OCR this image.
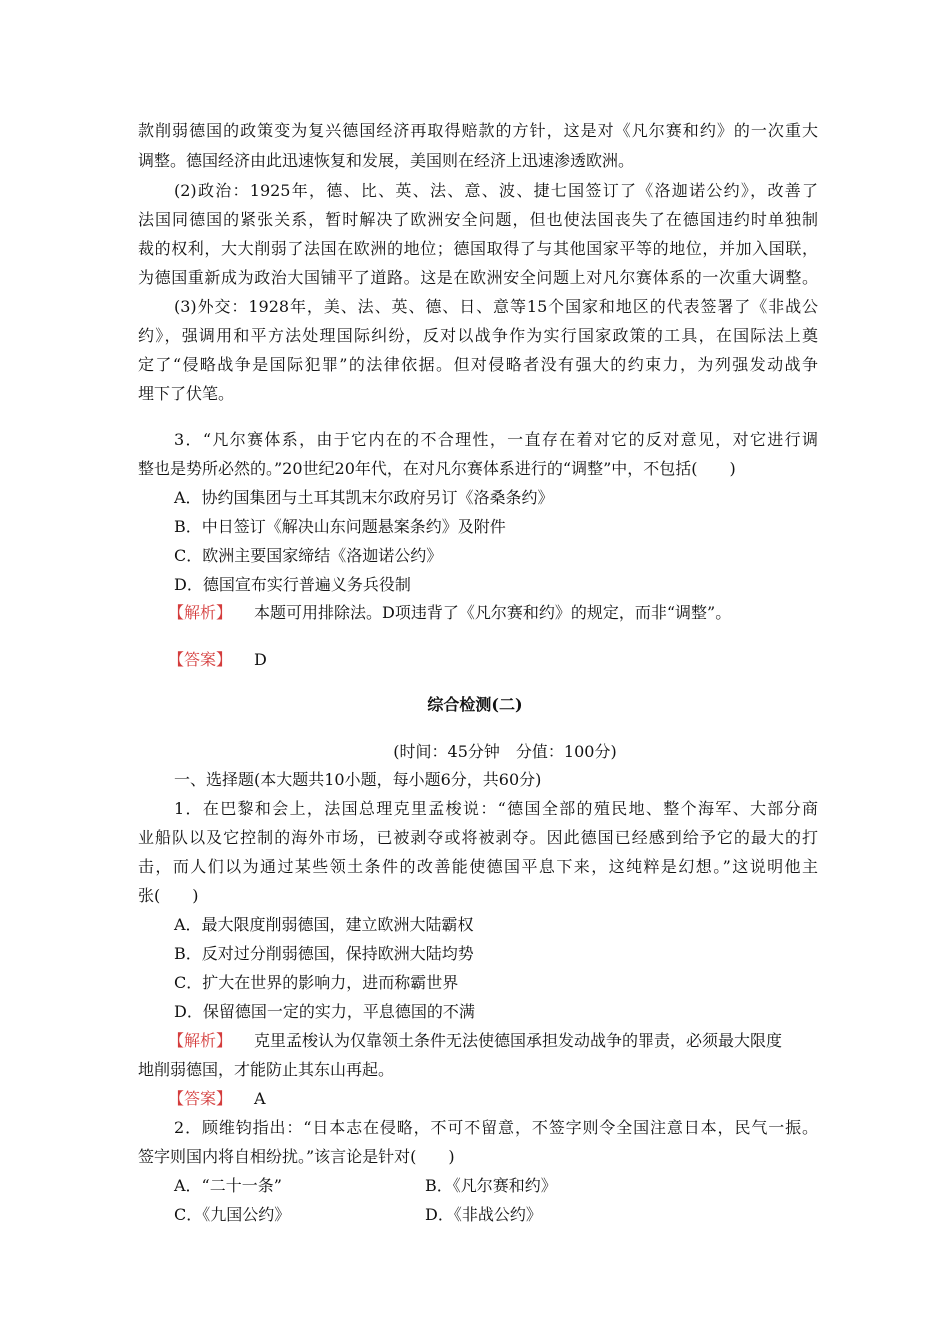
款削弱德国的政策变为复兴德国经济再取得赔款的方针，这是对《凡尔赛和约》的一次重大
调整。德国经济由此迅速恢复和发展，美国则在经济上迅速渗透欧洲。
(2)政治：1925年，德、比、英、法、意、波、捷七国签订了《洛迦诺公约》，改善了
法国同德国的紧张关系，暂时解决了欧洲安全问题，但也使法国丧失了在德国违约时单独制
裁的权利，大大削弱了法国在欧洲的地位；德国取得了与其他国家平等的地位，并加入国联，
为德国重新成为政治大国铺平了道路。这是在欧洲安全问题上对凡尔赛体系的一次重大调整。
(3)外交：1928年，美、法、英、德、日、意等15个国家和地区的代表签署了《非战公
约》，强调用和平方法处理国际纠纷，反对以战争作为实行国家政策的工具，在国际法上奠
定了“侵略战争是国际犯罪”的法律依据。但对侵略者没有强大的约束力，为列强发动战争
埋下了伏笔。
3．“凡尔赛体系，由于它内在的不合理性，一直存在着对它的反对意见，对它进行调
整也是势所必然的。”20世纪20年代，在对凡尔赛体系进行的“调整”中，不包括(　　)
A．协约国集团与土耳其凯末尔政府另订《洛桑条约》
B．中日签订《解决山东问题悬案条约》及附件
C．欧洲主要国家缔结《洛迦诺公约》
D．德国宣布实行普遍义务兵役制
【解析】 本题可用排除法。D项违背了《凡尔赛和约》的规定，而非“调整”。
【答案】 D
综合检测(二)
(时间：45分钟　分值：100分)
一、选择题(本大题共10小题，每小题6分，共60分)
1．在巴黎和会上，法国总理克里孟梭说：“德国全部的殖民地、整个海军、大部分商
业船队以及它控制的海外市场，已被剥夺或将被剥夺。因此德国已经感到给予它的最大的打
击，而人们以为通过某些领土条件的改善能使德国平息下来，这纯粹是幻想。”这说明他主
张(　　)
A．最大限度削弱德国，建立欧洲大陆霸权
B．反对过分削弱德国，保持欧洲大陆均势
C．扩大在世界的影响力，进而称霸世界
D．保留德国一定的实力，平息德国的不满
【解析】 克里孟梭认为仅靠领土条件无法使德国承担发动战争的罪责，必须最大限度
地削弱德国，才能防止其东山再起。
【答案】 A
2．顾维钧指出：“日本志在侵略，不可不留意，不签字则令全国注意日本，民气一振。
签字则国内将自相纷扰。”该言论是针对(　　)
A．“二十一条”	B．《凡尔赛和约》
C．《九国公约》	D．《非战公约》
